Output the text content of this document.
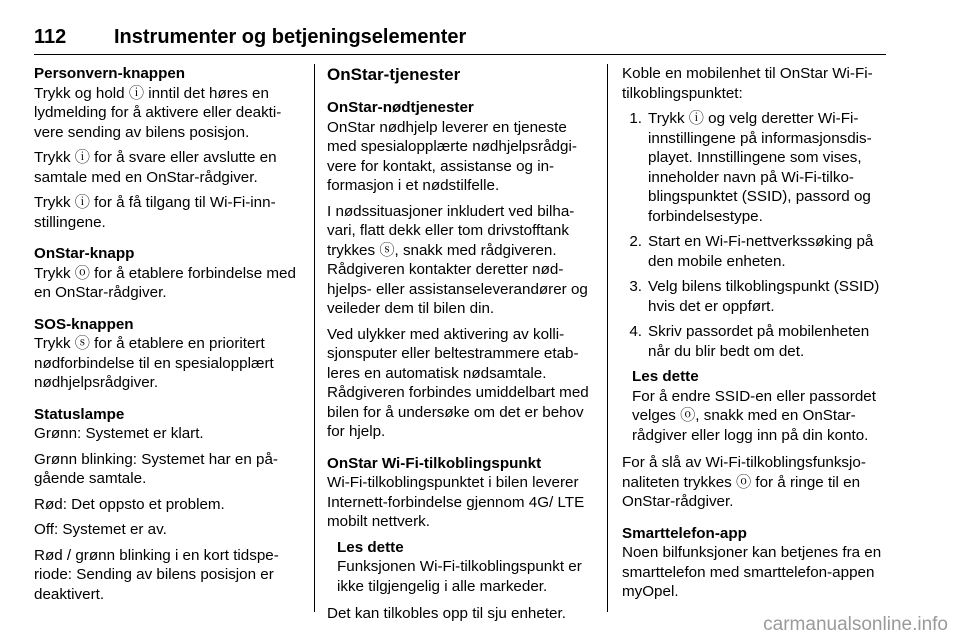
112 Instrumenter og betjeningselementer

Personvern-knappen

Trykk og hold ⓘ inntil det høres en lydmelding for å aktivere eller deakti-vere sending av bilens posisjon.

Trykk ⓘ for å svare eller avslutte en samtale med en OnStar-rådgiver.

Trykk ⓘ for å få tilgang til Wi-Fi-inn-stillingene.

OnStar-knapp

Trykk ⓞ for å etablere forbindelse med en OnStar-rådgiver.

SOS-knappen

Trykk ⓢ for å etablere en prioritert nødforbindelse til en spesialopplært nødhjelpsrådgiver.

Statuslampe

Grønn: Systemet er klart.

Grønn blinking: Systemet har en på-gående samtale.

Rød: Det oppsto et problem.

Off: Systemet er av.

Rød / grønn blinking i en kort tidspe-riode: Sending av bilens posisjon er deaktivert.

OnStar-tjenester

OnStar-nødtjenester

OnStar nødhjelp leverer en tjeneste med spesialopplærte nødhjelpsrådgi-vere for kontakt, assistanse og in-formasjon i et nødstilfelle.

I nødssituasjoner inkludert ved bilha-vari, flatt dekk eller tom drivstofftank trykkes ⓢ, snakk med rådgiveren. Rådgiveren kontakter deretter nød-hjelps- eller assistanseleverandører og veileder dem til bilen din.

Ved ulykker med aktivering av kolli-sjonsputer eller beltestrammere etab-leres en automatisk nødsamtale. Rådgiveren forbindes umiddelbart med bilen for å undersøke om det er behov for hjelp.

OnStar Wi-Fi-tilkoblingspunkt

Wi-Fi-tilkoblingspunktet i bilen leverer Internett-forbindelse gjennom 4G/ LTE mobilt nettverk.

Les dette

Funksjonen Wi-Fi-tilkoblingspunkt er ikke tilgjengelig i alle markeder.

Det kan tilkobles opp til sju enheter.

Koble en mobilenhet til OnStar Wi-Fi-tilkoblingspunktet:

1. Trykk ⓘ og velg deretter Wi-Fi-innstillingene på informasjonsdis-playet. Innstillingene som vises, inneholder navn på Wi-Fi-tilko-blingspunktet (SSID), passord og forbindelsestype.
2. Start en Wi-Fi-nettverkssøking på den mobile enheten.
3. Velg bilens tilkoblingspunkt (SSID) hvis det er oppført.
4. Skriv passordet på mobilenheten når du blir bedt om det.

Les dette

For å endre SSID-en eller passordet velges ⓞ, snakk med en OnStar-rådgiver eller logg inn på din konto.

For å slå av Wi-Fi-tilkoblingsfunksjo-naliteten trykkes ⓞ for å ringe til en OnStar-rådgiver.

Smarttelefon-app

Noen bilfunksjoner kan betjenes fra en smarttelefon med smarttelefon-appen myOpel.

carmanualsonline.info
